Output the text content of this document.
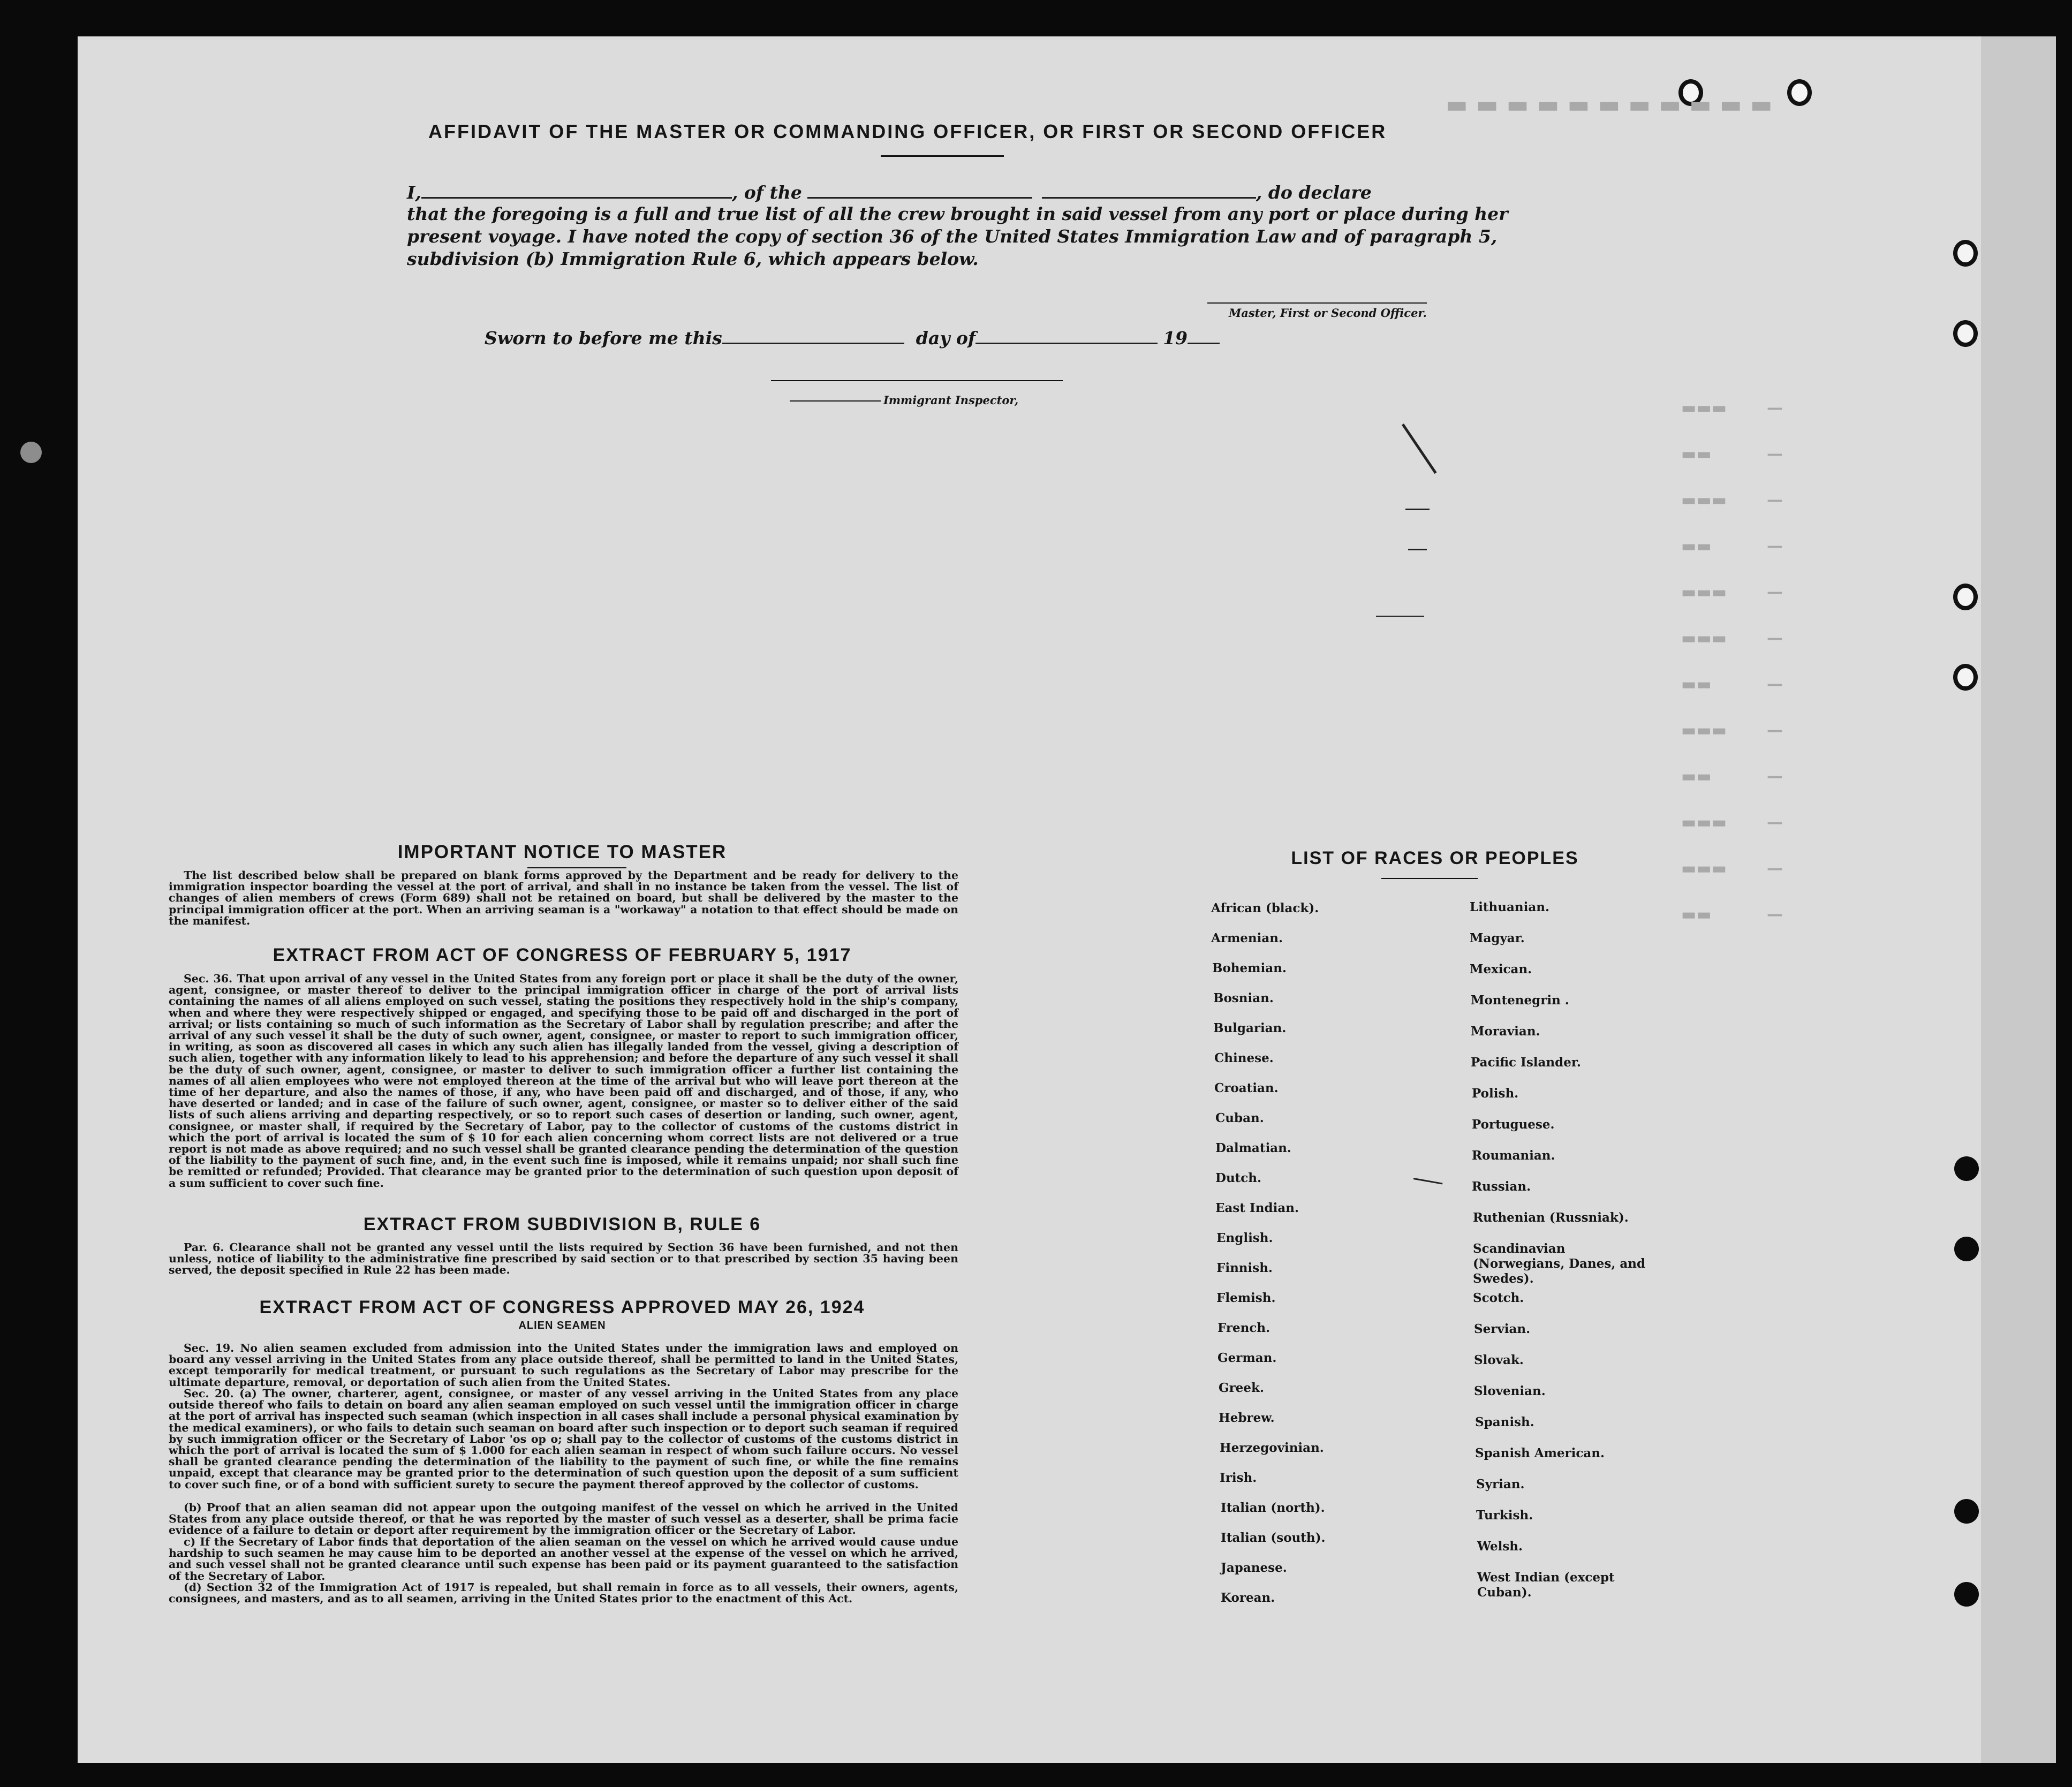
▬ ▬ ▬ ▬ ▬ ▬ ▬ ▬ ▬ ▬ ▬
▬▬▬
▬▬
▬▬▬
▬▬
▬▬▬
▬▬▬
▬▬
▬▬▬
▬▬
▬▬▬
▬▬▬
▬▬
—
—
—
—
—
—
—
—
—
—
—
—
AFFIDAVIT OF THE MASTER OR COMMANDING OFFICER, OR FIRST OR SECOND OFFICER
I,	, of the	, do declare
that the foregoing is a full and true list of all the crew brought in said vessel from any port or place during her
present voyage. I have noted the copy of section 36 of the United States Immigration Law and of paragraph 5,
subdivision (b) Immigration Rule 6, which appears below.
Master, First or Second Officer.
Sworn to before me this	day of	19
Immigrant Inspector,
IMPORTANT NOTICE TO MASTER
The list described below shall be prepared on blank forms approved by the Department and be ready for delivery to the immigration inspector boarding the vessel at the port of arrival, and shall in no instance be taken from the vessel. The list of changes of alien members of crews (Form 689) shall not be retained on board, but shall be delivered by the master to the principal immigration officer at the port. When an arriving seaman is a "workaway" a notation to that effect should be made on the manifest.
EXTRACT FROM ACT OF CONGRESS OF FEBRUARY 5, 1917
Sec. 36. That upon arrival of any vessel in the United States from any foreign port or place it shall be the duty of the owner, agent, consignee, or master thereof to deliver to the principal immigration officer in charge of the port of arrival lists containing the names of all aliens employed on such vessel, stating the positions they respectively hold in the ship's company, when and where they were respectively shipped or engaged, and specifying those to be paid off and discharged in the port of arrival; or lists containing so much of such information as the Secretary of Labor shall by regulation prescribe; and after the arrival of any such vessel it shall be the duty of such owner, agent, consignee, or master to report to such immigration officer, in writing, as soon as discovered all cases in which any such alien has illegally landed from the vessel, giving a description of such alien, together with any information likely to lead to his apprehension; and before the departure of any such vessel it shall be the duty of such owner, agent, consignee, or master to deliver to such immigration officer a further list containing the names of all alien employees who were not employed thereon at the time of the arrival but who will leave port thereon at the time of her departure, and also the names of those, if any, who have been paid off and discharged, and of those, if any, who have deserted or landed; and in case of the failure of such owner, agent, consignee, or master so to deliver either of the said lists of such aliens arriving and departing respectively, or so to report such cases of desertion or landing, such owner, agent, consignee, or master shall, if required by the Secretary of Labor, pay to the collector of customs of the customs district in which the port of arrival is located the sum of $ 10 for each alien concerning whom correct lists are not delivered or a true report is not made as above required; and no such vessel shall be granted clearance pending the determination of the question of the liability to the payment of such fine, and, in the event such fine is imposed, while it remains unpaid; nor shall such fine be remitted or refunded; Provided. That clearance may be granted prior to the determination of such question upon deposit of a sum sufficient to cover such fine.
EXTRACT FROM SUBDIVISION B, RULE 6
Par. 6. Clearance shall not be granted any vessel until the lists required by Section 36 have been furnished, and not then unless, notice of liability to the administrative fine prescribed by said section or to that prescribed by section 35 having been served, the deposit specified in Rule 22 has been made.
EXTRACT FROM ACT OF CONGRESS APPROVED MAY 26, 1924
ALIEN SEAMEN
Sec. 19. No alien seamen excluded from admission into the United States under the immigration laws and employed on board any vessel arriving in the United States from any place outside thereof, shall be permitted to land in the United States, except temporarily for medical treatment, or pursuant to such regulations as the Secretary of Labor may prescribe for the ultimate departure, removal, or deportation of such alien from the United States.
Sec. 20. (a) The owner, charterer, agent, consignee, or master of any vessel arriving in the United States from any place outside thereof who fails to detain on board any alien seaman employed on such vessel until the immigration officer in charge at the port of arrival has inspected such seaman (which inspection in all cases shall include a personal physical examination by the medical examiners), or who fails to detain such seaman on board after such inspection or to deport such seaman if required by such immigration officer or the Secretary of Labor 'os op o; shall pay to the collector of customs of the customs district in which the port of arrival is located the sum of $ 1.000 for each alien seaman in respect of whom such failure occurs. No vessel shall be granted clearance pending the determination of the liability to the payment of such fine, or while the fine remains unpaid, except that clearance may be granted prior to the determination of such question upon the deposit of a sum sufficient to cover such fine, or of a bond with sufficient surety to secure the payment thereof approved by the collector of customs.
(b) Proof that an alien seaman did not appear upon the outgoing manifest of the vessel on which he arrived in the United States from any place outside thereof, or that he was reported by the master of such vessel as a deserter, shall be prima facie evidence of a failure to detain or deport after requirement by the immigration officer or the Secretary of Labor.
c) If the Secretary of Labor finds that deportation of the alien seaman on the vessel on which he arrived would cause undue hardship to such seamen he may cause him to be deported an another vessel at the expense of the vessel on which he arrived, and such vessel shall not be granted clearance until such expense has been paid or its payment guaranteed to the satisfaction of the Secretary of Labor.
(d) Section 32 of the Immigration Act of 1917 is repealed, but shall remain in force as to all vessels, their owners, agents, consignees, and masters, and as to all seamen, arriving in the United States prior to the enactment of this Act.
LIST OF RACES OR PEOPLES
African (black).
Armenian.
Bohemian.
Bosnian.
Bulgarian.
Chinese.
Croatian.
Cuban.
Dalmatian.
Dutch.
East Indian.
English.
Finnish.
Flemish.
French.
German.
Greek.
Hebrew.
Herzegovinian.
Irish.
Italian (north).
Italian (south).
Japanese.
Korean.
Lithuanian.
Magyar.
Mexican.
Montenegrin .
Moravian.
Pacific Islander.
Polish.
Portuguese.
Roumanian.
Russian.
Ruthenian (Russniak).
Scandinavian (Norwegians, Danes, and Swedes).
Scotch.
Servian.
Slovak.
Slovenian.
Spanish.
Spanish American.
Syrian.
Turkish.
Welsh.
West Indian (except Cuban).
